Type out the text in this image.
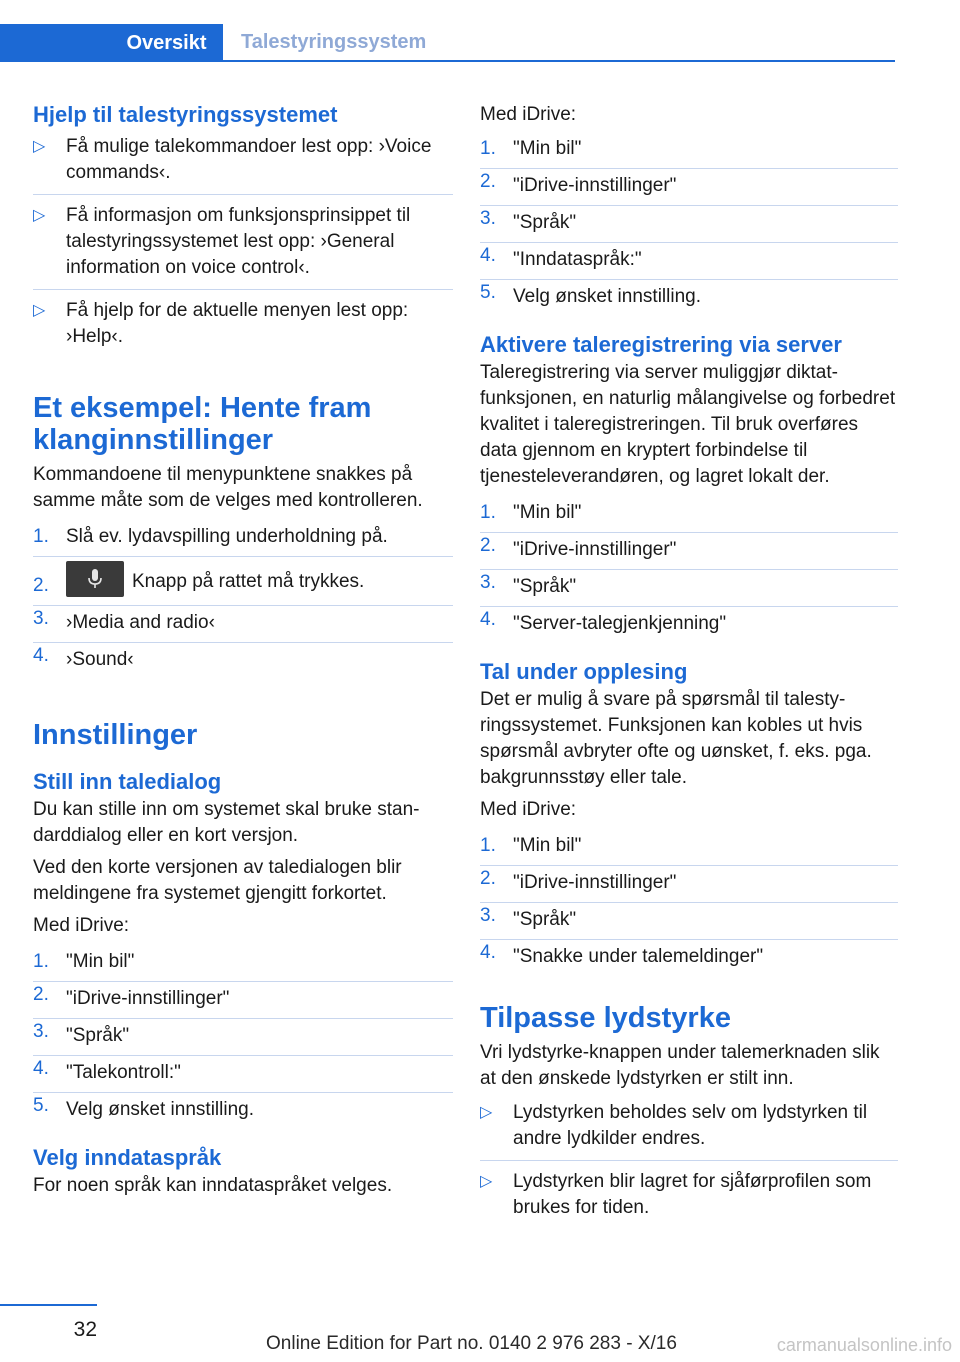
Oversikt	Talestyringssystem
Hjelp til talestyringssystemet
▷ Få mulige talekommandoer lest opp: ›Voice commands‹.
▷ Få informasjon om funksjonsprinsippet til talestyringssystemet lest opp: ›General information on voice control‹.
▷ Få hjelp for de aktuelle menyen lest opp: ›Help‹.
Et eksempel: Hente fram klanginnstillinger

Kommandoene til menypunktene snakkes på samme måte som de velges med kontrolleren.

1. Slå ev. lydavspilling underholdning på.
2.	Knapp på rattet må trykkes.
3. ›Media and radio‹
4. ›Sound‹
Innstillinger
Still inn taledialog

Du kan stille inn om systemet skal bruke standarddialog eller en kort versjon.

Ved den korte versjonen av taledialogen blir meldingene fra systemet gjengitt forkortet.

Med iDrive:

1. "Min bil"
2. "iDrive-innstillinger"
3. "Språk"
4. "Talekontroll:"
5. Velg ønsket innstilling.
Velg inndataspråk

For noen språk kan inndataspråket velges.

Med iDrive:

1. "Min bil"
2. "iDrive-innstillinger"
3. "Språk"
4. "Inndataspråk:"
5. Velg ønsket innstilling.
Aktivere taleregistrering via server

Taleregistrering via server muliggjør diktatfunksjonen, en naturlig målangivelse og forbedret kvalitet i taleregistreringen. Til bruk overføres data gjennom en kryptert forbindelse til tjenesteleverandøren, og lagret lokalt der.

1. "Min bil"
2. "iDrive-innstillinger"
3. "Språk"
4. "Server-talegjenkjenning"
Tal under opplesing

Det er mulig å svare på spørsmål til talestyringssystemet. Funksjonen kan kobles ut hvis spørsmål avbryter ofte og uønsket, f. eks. pga. bakgrunnsstøy eller tale.

Med iDrive:

1. "Min bil"
2. "iDrive-innstillinger"
3. "Språk"
4. "Snakke under talemeldinger"
Tilpasse lydstyrke

Vri lydstyrke-knappen under talemerknaden slik at den ønskede lydstyrken er stilt inn.

▷ Lydstyrken beholdes selv om lydstyrken til andre lydkilder endres.
▷ Lydstyrken blir lagret for sjåførprofilen som brukes for tiden.
32
Online Edition for Part no. 0140 2 976 283 - X/16	carmanualsonline.info
